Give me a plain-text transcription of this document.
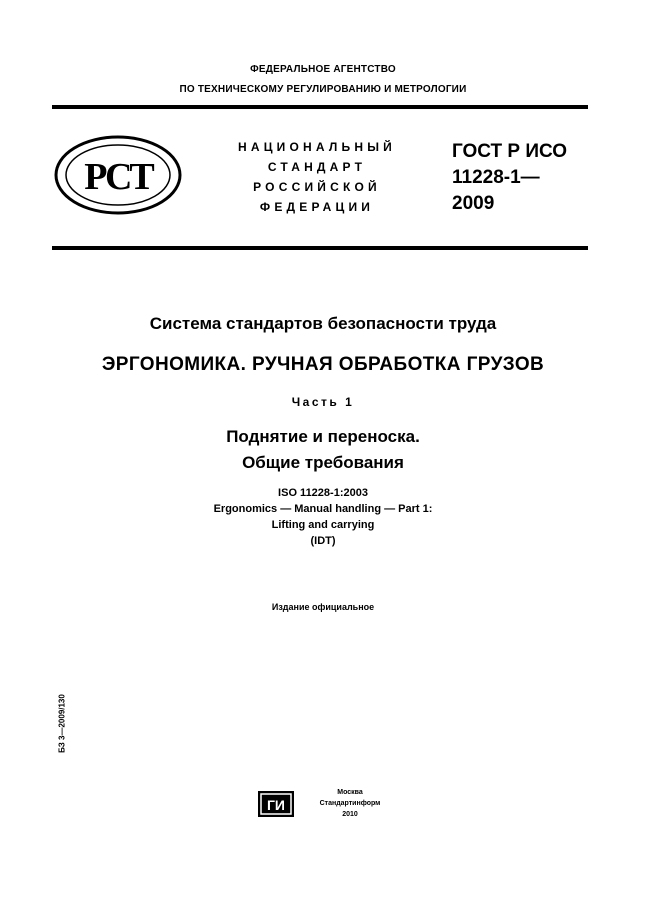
ФЕДЕРАЛЬНОЕ АГЕНТСТВО
ПО ТЕХНИЧЕСКОМУ РЕГУЛИРОВАНИЮ И МЕТРОЛОГИИ
РСТ
НАЦИОНАЛЬНЫЙ
СТАНДАРТ
РОССИЙСКОЙ
ФЕДЕРАЦИИ
ГОСТ Р ИСО
11228-1—
2009
Система стандартов безопасности труда
ЭРГОНОМИКА. РУЧНАЯ ОБРАБОТКА ГРУЗОВ
Часть 1
Поднятие и переноска.
Общие требования
ISO 11228-1:2003
Ergonomics — Manual handling — Part 1:
Lifting and carrying
(IDT)
Издание официальное
БЗ 3—2009/130
ГИ
Москва
Стандартинформ
2010
